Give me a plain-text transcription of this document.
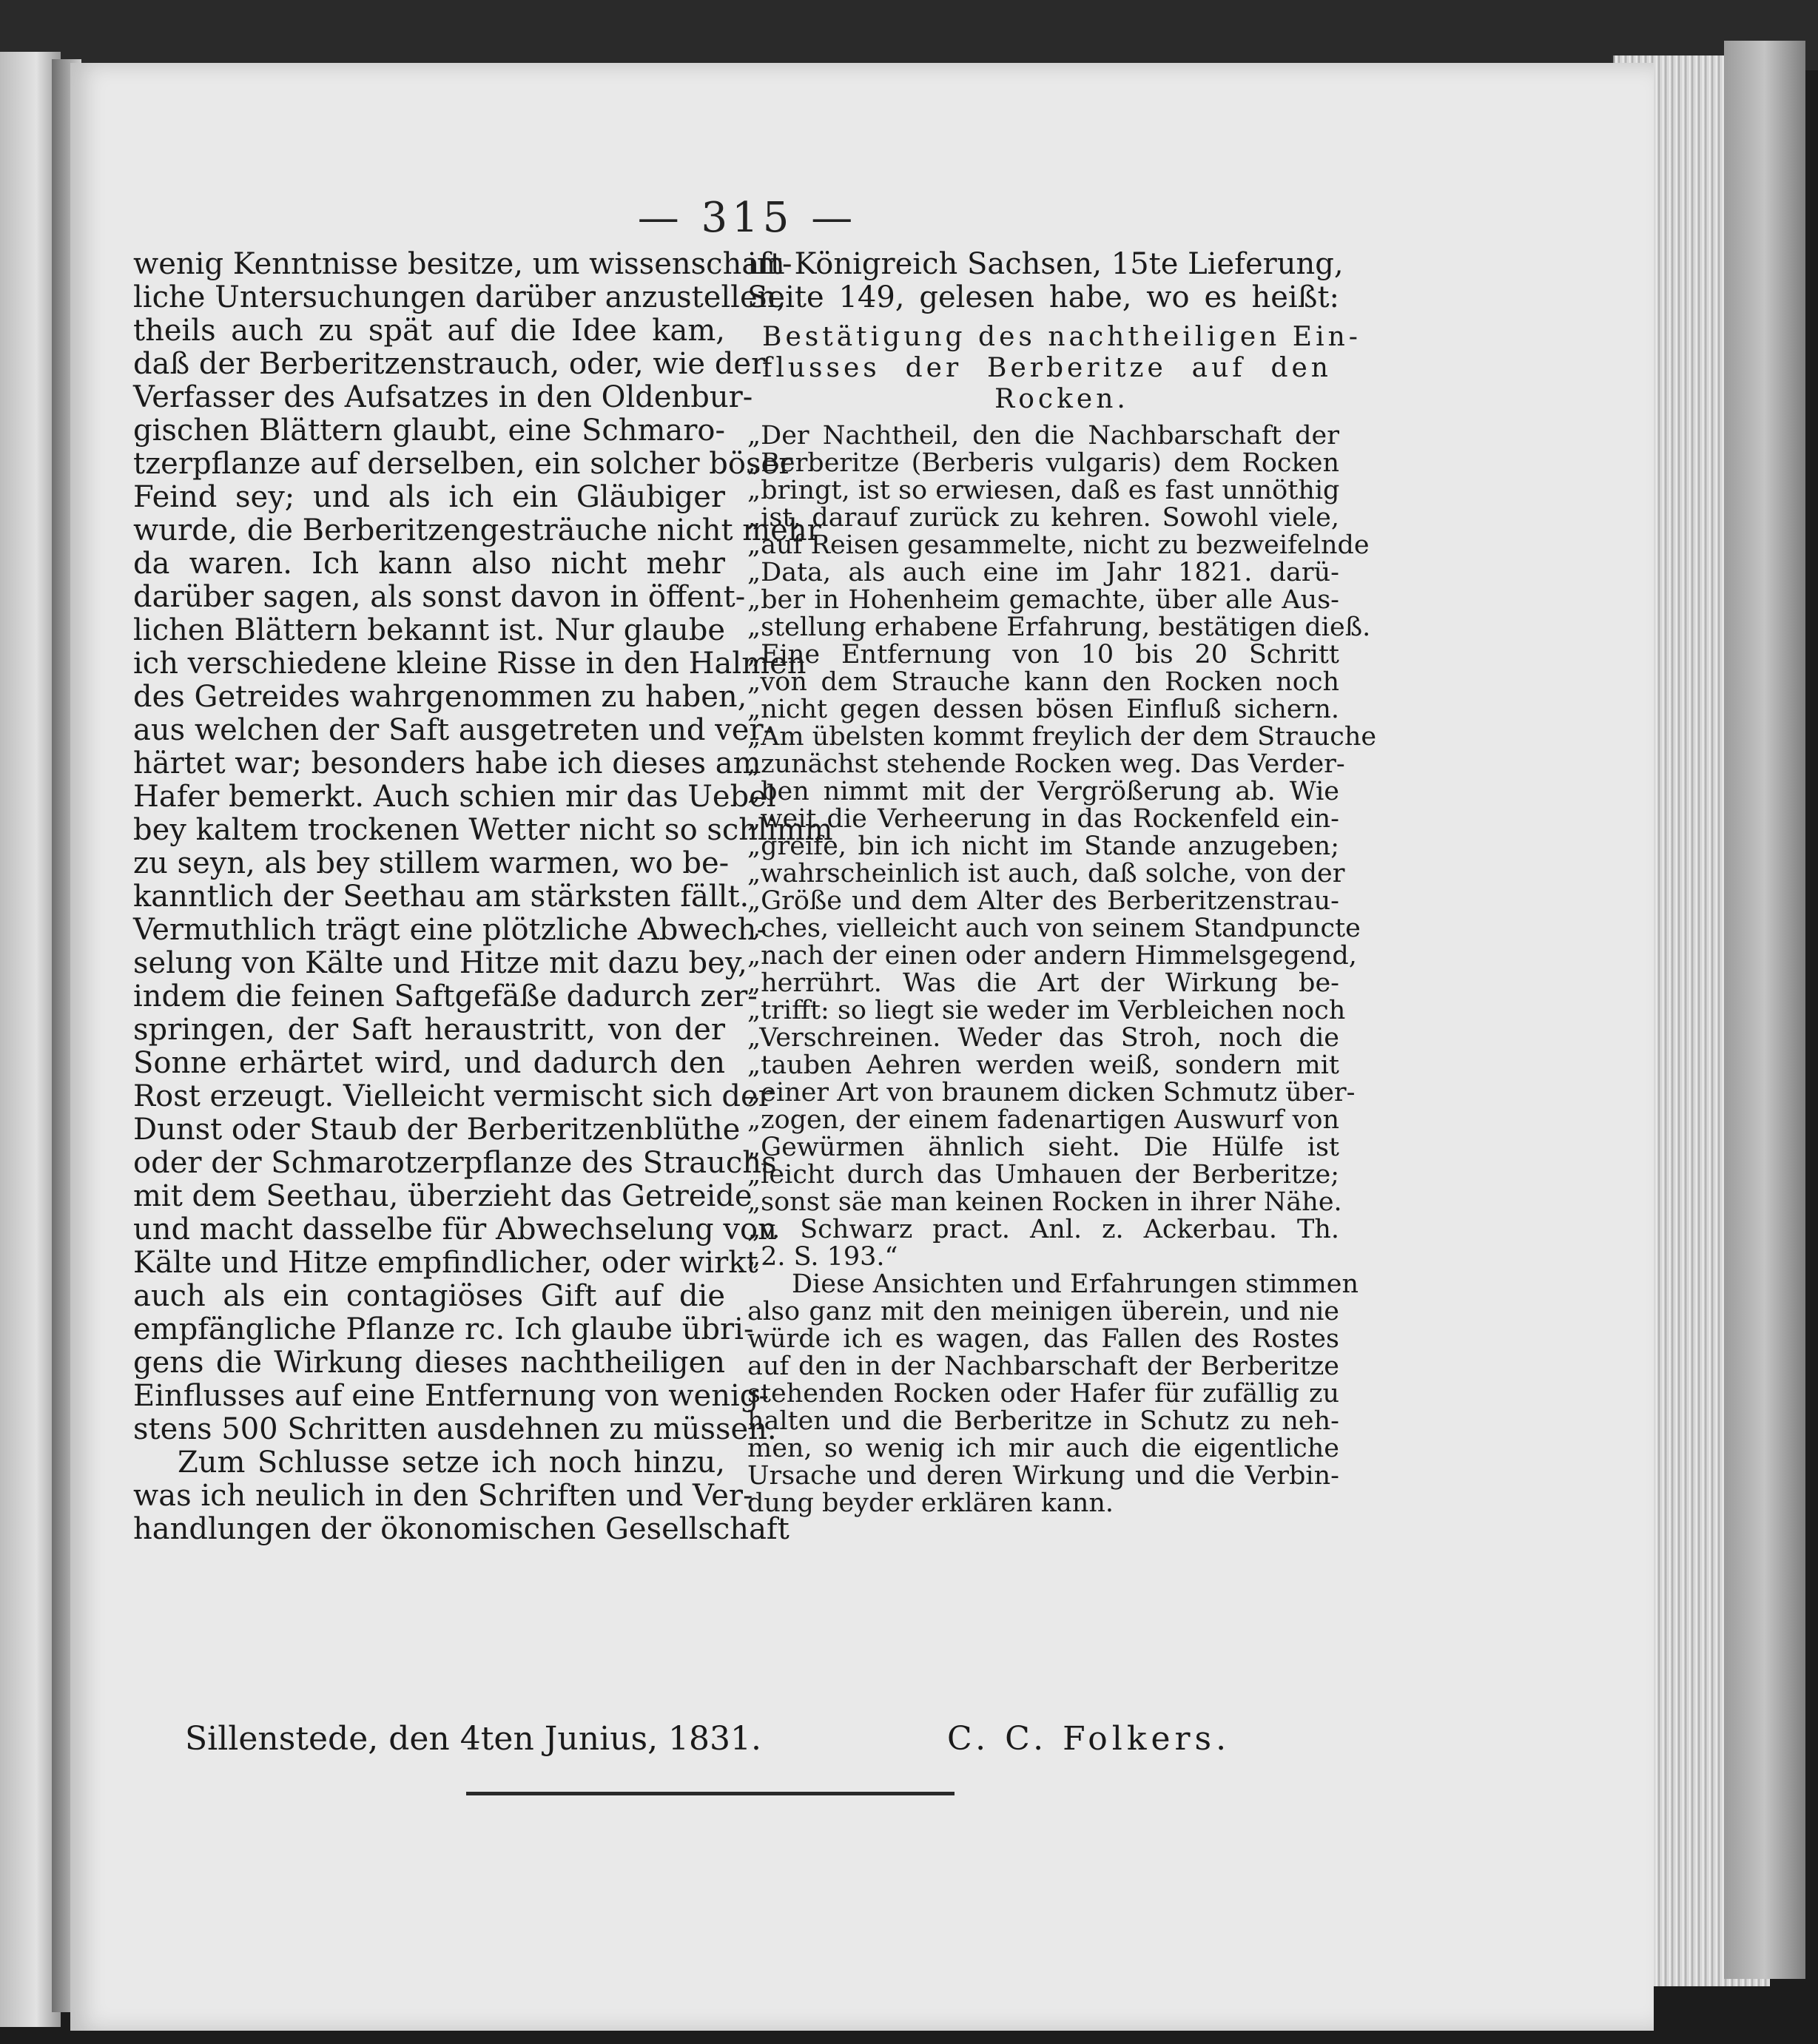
— 315 —
wenig Kenntnisse besitze, um wissenschaft-
liche Untersuchungen darüber anzustellen,
theils auch zu spät auf die Idee kam,
daß der Berberitzenstrauch, oder, wie der
Verfasser des Aufsatzes in den Oldenbur-
gischen Blättern glaubt, eine Schmaro-
tzerpflanze auf derselben, ein solcher böser
Feind sey; und als ich ein Gläubiger
wurde, die Berberitzengesträuche nicht mehr
da waren. Ich kann also nicht mehr
darüber sagen, als sonst davon in öffent-
lichen Blättern bekannt ist. Nur glaube
ich verschiedene kleine Risse in den Halmen
des Getreides wahrgenommen zu haben,
aus welchen der Saft ausgetreten und ver-
härtet war; besonders habe ich dieses am
Hafer bemerkt. Auch schien mir das Uebel
bey kaltem trockenen Wetter nicht so schlimm
zu seyn, als bey stillem warmen, wo be-
kanntlich der Seethau am stärksten fällt.
Vermuthlich trägt eine plötzliche Abwech-
selung von Kälte und Hitze mit dazu bey,
indem die feinen Saftgefäße dadurch zer-
springen, der Saft heraustritt, von der
Sonne erhärtet wird, und dadurch den
Rost erzeugt. Vielleicht vermischt sich der
Dunst oder Staub der Berberitzenblüthe
oder der Schmarotzerpflanze des Strauchs
mit dem Seethau, überzieht das Getreide
und macht dasselbe für Abwechselung von
Kälte und Hitze empfindlicher, oder wirkt
auch als ein contagiöses Gift auf die
empfängliche Pflanze rc. Ich glaube übri-
gens die Wirkung dieses nachtheiligen
Einflusses auf eine Entfernung von wenig-
stens 500 Schritten ausdehnen zu müssen.
Zum Schlusse setze ich noch hinzu,
was ich neulich in den Schriften und Ver-
handlungen der ökonomischen Gesellschaft
im Königreich Sachsen, 15te Lieferung,
Seite 149, gelesen habe, wo es heißt:
Bestätigung des nachtheiligen Ein-
flusses der Berberitze auf den
Rocken.
„Der Nachtheil, den die Nachbarschaft der
„Berberitze (Berberis vulgaris) dem Rocken
„bringt, ist so erwiesen, daß es fast unnöthig
„ist, darauf zurück zu kehren. Sowohl viele,
„auf Reisen gesammelte, nicht zu bezweifelnde
„Data, als auch eine im Jahr 1821. darü-
„ber in Hohenheim gemachte, über alle Aus-
„stellung erhabene Erfahrung, bestätigen dieß.
„Eine Entfernung von 10 bis 20 Schritt
„von dem Strauche kann den Rocken noch
„nicht gegen dessen bösen Einfluß sichern.
„Am übelsten kommt freylich der dem Strauche
„zunächst stehende Rocken weg. Das Verder-
„ben nimmt mit der Vergrößerung ab. Wie
„weit die Verheerung in das Rockenfeld ein-
„greife, bin ich nicht im Stande anzugeben;
„wahrscheinlich ist auch, daß solche, von der
„Größe und dem Alter des Berberitzenstrau-
„ches, vielleicht auch von seinem Standpuncte
„nach der einen oder andern Himmelsgegend,
„herrührt. Was die Art der Wirkung be-
„trifft: so liegt sie weder im Verbleichen noch
„Verschreinen. Weder das Stroh, noch die
„tauben Aehren werden weiß, sondern mit
„einer Art von braunem dicken Schmutz über-
„zogen, der einem fadenartigen Auswurf von
„Gewürmen ähnlich sieht. Die Hülfe ist
„leicht durch das Umhauen der Berberitze;
„sonst säe man keinen Rocken in ihrer Nähe.
„v. Schwarz pract. Anl. z. Ackerbau. Th.
„2. S. 193.“
Diese Ansichten und Erfahrungen stimmen
also ganz mit den meinigen überein, und nie
würde ich es wagen, das Fallen des Rostes
auf den in der Nachbarschaft der Berberitze
stehenden Rocken oder Hafer für zufällig zu
halten und die Berberitze in Schutz zu neh-
men, so wenig ich mir auch die eigentliche
Ursache und deren Wirkung und die Verbin-
dung beyder erklären kann.
Sillenstede, den 4ten Junius, 1831.	C. C. Folkers.
